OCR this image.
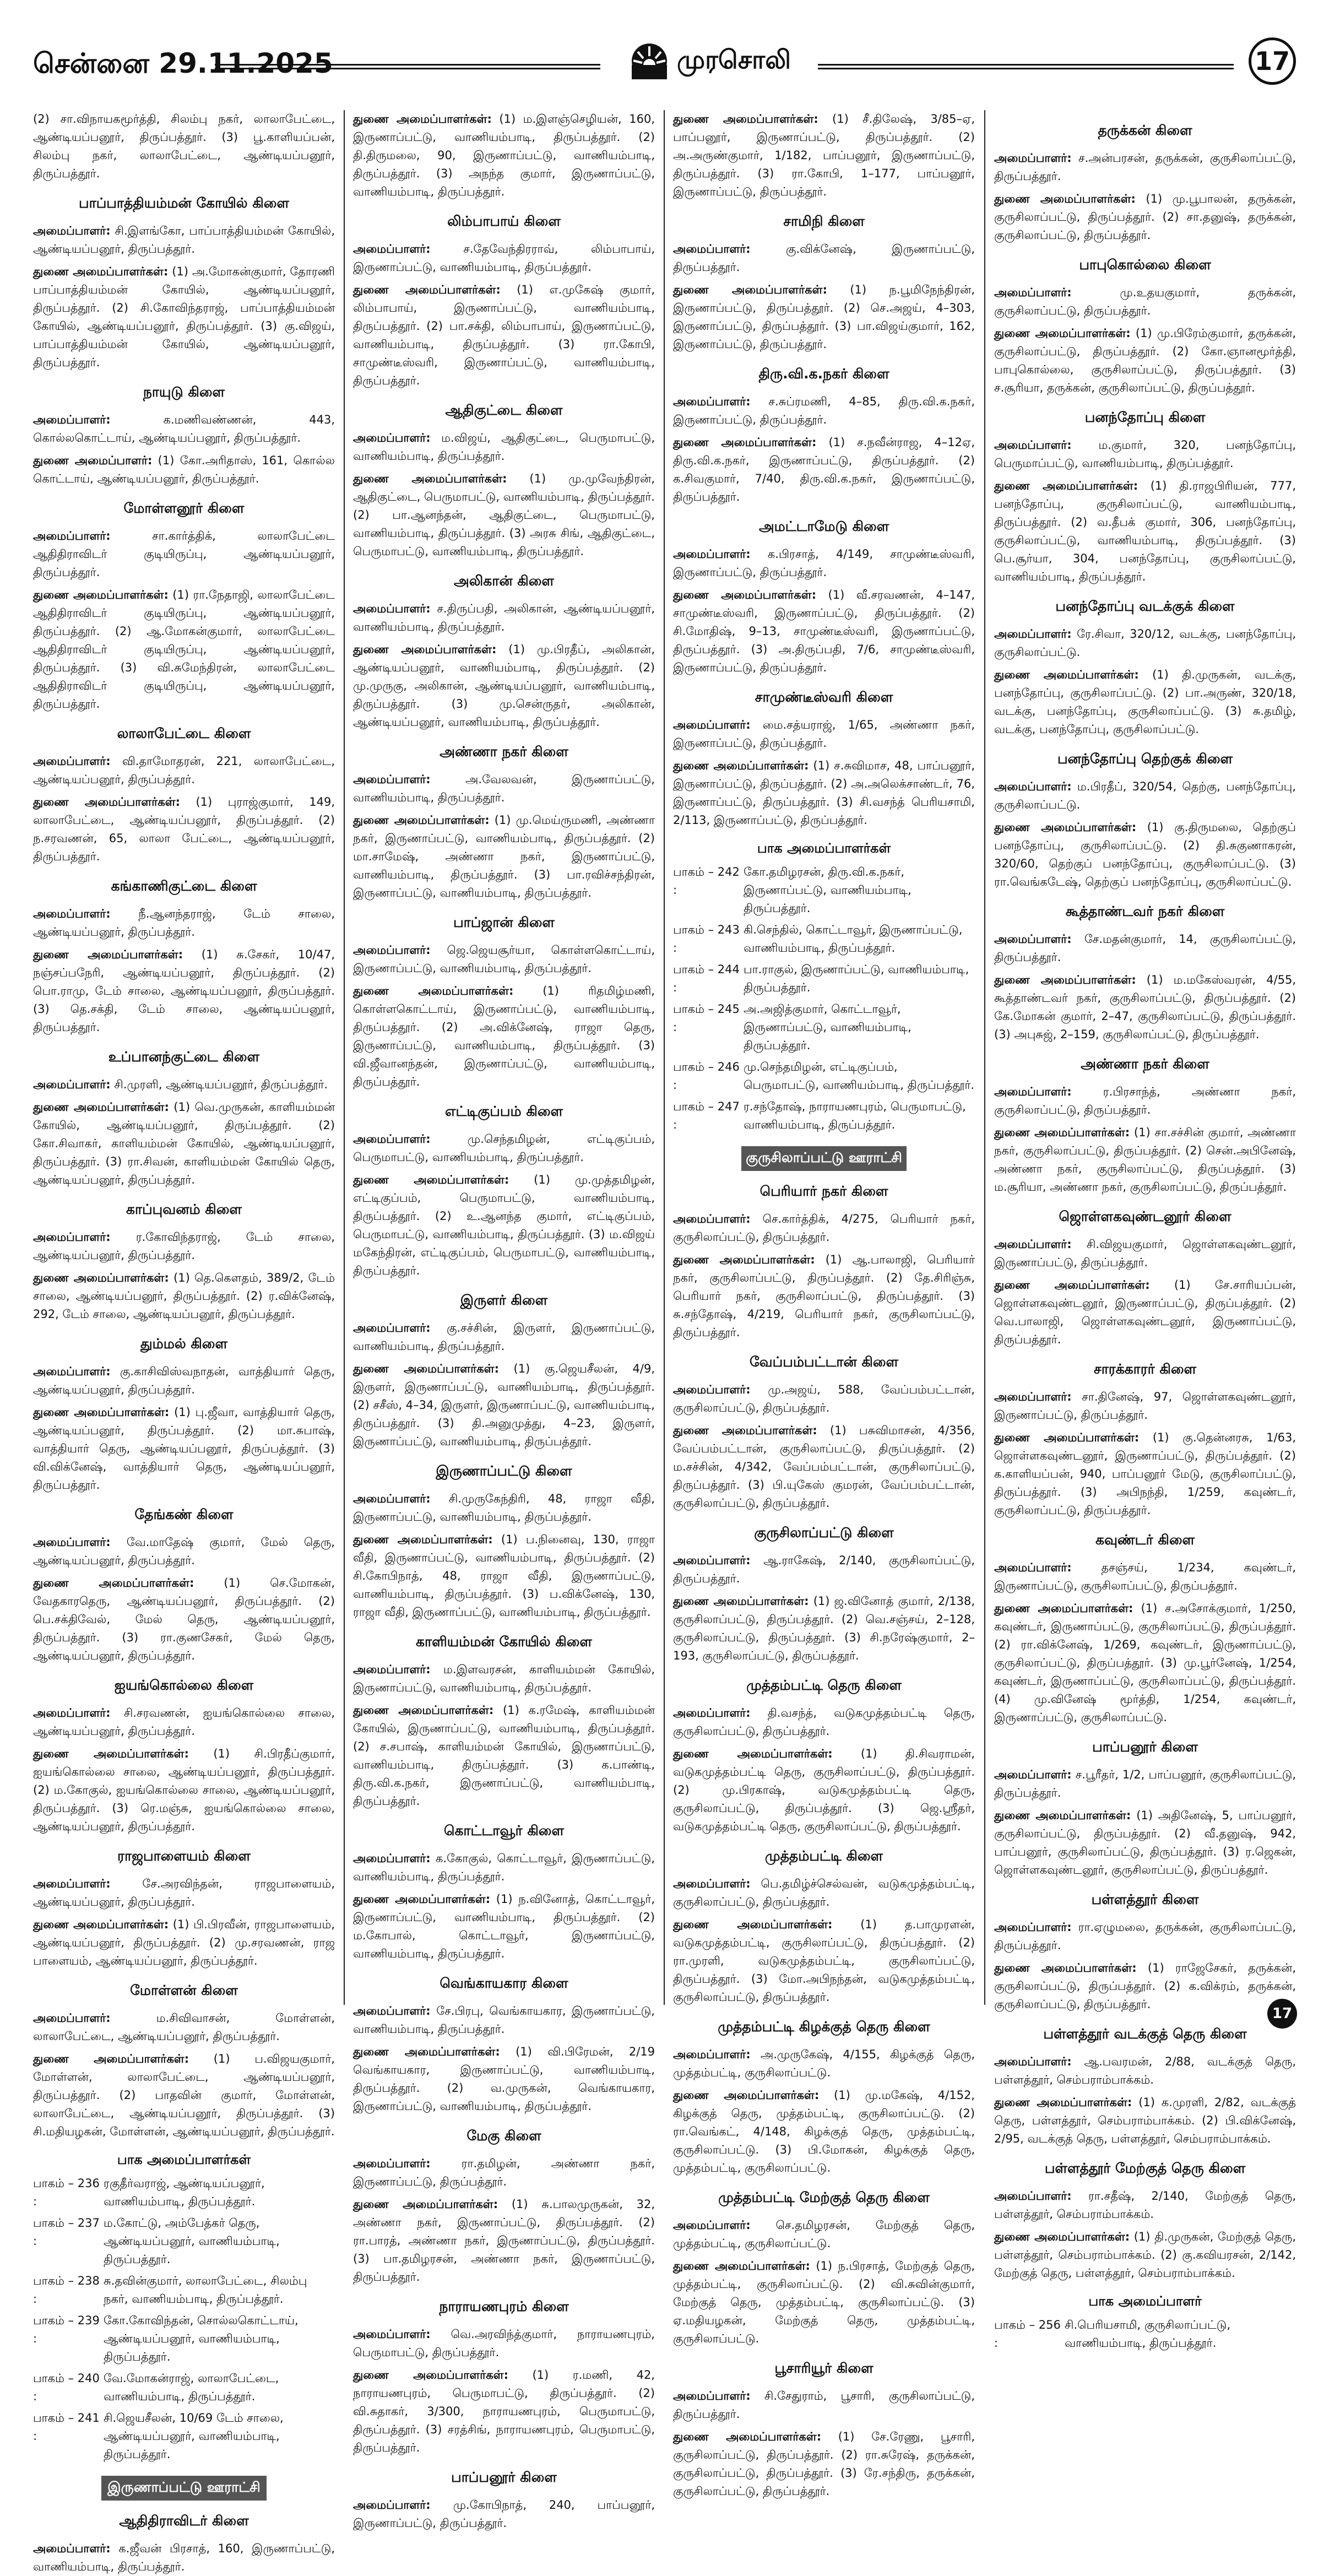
சென்னை 29.11.2025	முரசொலி	17

(2) சா.விநாயகமூர்த்தி, சிலம்பு நகர், லாலாபேட்டை, ஆண்டியப்பனூர், திருப்பத்தூர். (3) பூ.காளியப்பன், சிலம்பு நகர், லாலாபேட்டை, ஆண்டியப்பனூர், திருப்பத்தூர்.

பாப்பாத்தியம்மன் கோயில் கிளை

அமைப்பாளர்: சி.இளங்கோ, பாப்பாத்தியம்மன் கோயில், ஆண்டியப்பனூர், திருப்பத்தூர்.

துணை அமைப்பாளர்கள்: (1) அ.மோகன்குமார், தோரணி பாப்பாத்தியம்மன் கோயில், ஆண்டியப்பனூர், திருப்பத்தூர். (2) சி.கோவிந்தராஜ், பாப்பாத்தியம்மன் கோயில், ஆண்டியப்பனூர், திருப்பத்தூர். (3) கு.விஜய், பாப்பாத்தியம்மன் கோயில், ஆண்டியப்பனூர், திருப்பத்தூர்.

நாயுடு கிளை

அமைப்பாளர்: க.மணிவண்ணன், 443, கொல்லகொட்டாய், ஆண்டியப்பனூர், திருப்பத்தூர்.

துணை அமைப்பாளர்: (1) கோ.அரிதாஸ், 161, கொல்ல கொட்டாய், ஆண்டியப்பனூர், திருப்பத்தூர்.

மோள்ளனூர் கிளை

அமைப்பாளர்: சா.கார்த்திக், லாலாபேட்டை ஆதிதிராவிடர் குடியிருப்பு, ஆண்டியப்பனூர், திருப்பத்தூர்.

துணை அமைப்பாளர்கள்: (1) ரா.நேதாஜி, லாலாபேட்டை ஆதிதிராவிடர் குடியிருப்பு, ஆண்டியப்பனூர், திருப்பத்தூர். (2) ஆ.மோகன்குமார், லாலாபேட்டை ஆதிதிராவிடர் குடியிருப்பு, ஆண்டியப்பனூர், திருப்பத்தூர். (3) வி.சுமேந்திரன், லாலாபேட்டை ஆதிதிராவிடர் குடியிருப்பு, ஆண்டியப்பனூர், திருப்பத்தூர்.

லாலாபேட்டை கிளை

அமைப்பாளர்: வி.தாமோதரன், 221, லாலாபேட்டை, ஆண்டியப்பனூர், திருப்பத்தூர்.

துணை அமைப்பாளர்கள்: (1) புராஜ்குமார், 149, லாலாபேட்டை, ஆண்டியப்பனூர், திருப்பத்தூர். (2) ந.சரவணன், 65, லாலா பேட்டை, ஆண்டியப்பனூர், திருப்பத்தூர்.

கங்காணிகுட்டை கிளை

அமைப்பாளர்: நீ.ஆனந்தராஜ், டேம் சாலை, ஆண்டியப்பனூர், திருப்பத்தூர்.

துணை அமைப்பாளர்கள்: (1) சு.சேகர், 10/47, நஞ்சப்பநேரி, ஆண்டியப்பனூர், திருப்பத்தூர். (2) பொ.ராமு, டேம் சாலை, ஆண்டியப்பனூர், திருப்பத்தூர். (3) தெ.சக்தி, டேம் சாலை, ஆண்டியப்பனூர், திருப்பத்தூர்.

உப்பானந்குட்டை கிளை

அமைப்பாளர்: சி.முரளி, ஆண்டியப்பனூர், திருப்பத்தூர்.

துணை அமைப்பாளர்கள்: (1) வெ.முருகன், காளியம்மன் கோயில், ஆண்டியப்பனூர், திருப்பத்தூர். (2) கோ.சிவாகர், காளியம்மன் கோயில், ஆண்டியப்பனூர், திருப்பத்தூர். (3) ரா.சிவன், காளியம்மன் கோயில் தெரு, ஆண்டியப்பனூர், திருப்பத்தூர்.

காப்புவனம் கிளை

அமைப்பாளர்: ர.கோவிந்தராஜ், டேம் சாலை, ஆண்டியப்பனூர், திருப்பத்தூர்.

துணை அமைப்பாளர்கள்: (1) தெ.கெளதம், 389/2, டேம் சாலை, ஆண்டியப்பனூர், திருப்பத்தூர். (2) ர.விக்னேஷ், 292, டேம் சாலை, ஆண்டியப்பனூர், திருப்பத்தூர்.

தும்மல் கிளை

அமைப்பாளர்: கு.காசிவிஸ்வநாதன், வாத்தியார் தெரு, ஆண்டியப்பனூர், திருப்பத்தூர்.

துணை அமைப்பாளர்கள்: (1) பு.ஜீவா, வாத்தியார் தெரு, ஆண்டியப்பனூர், திருப்பத்தூர். (2) மா.சுபாஷ், வாத்தியார் தெரு, ஆண்டியப்பனூர், திருப்பத்தூர். (3) வி.விக்னேஷ், வாத்தியார் தெரு, ஆண்டியப்பனூர், திருப்பத்தூர்.

தேங்கண் கிளை

அமைப்பாளர்: வே.மாதேஷ் குமார், மேல் தெரு, ஆண்டியப்பனூர், திருப்பத்தூர்.

துணை அமைப்பாளர்கள்: (1) செ.மோகன், வேதகாரதெரு, ஆண்டியப்பனூர், திருப்பத்தூர். (2) பெ.சக்திவேல், மேல் தெரு, ஆண்டியப்பனூர், திருப்பத்தூர். (3) ரா.குணசேகர், மேல் தெரு, ஆண்டியப்பனூர், திருப்பத்தூர்.

ஐயங்கொல்லை கிளை

அமைப்பாளர்: சி.சரவணன், ஐயங்கொல்லை சாலை, ஆண்டியப்பனூர், திருப்பத்தூர்.

துணை அமைப்பாளர்கள்: (1) சி.பிரதீப்குமார், ஐயங்கொல்லை சாலை, ஆண்டியப்பனூர், திருப்பத்தூர். (2) ம.கோகுல், ஐயங்கொல்லை சாலை, ஆண்டியப்பனூர், திருப்பத்தூர். (3) ரெ.மஞ்சு, ஐயங்கொல்லை சாலை, ஆண்டியப்பனூர், திருப்பத்தூர்.

ராஜபாளையம் கிளை

அமைப்பாளர்: சே.அரவிந்தன், ராஜபாளையம், ஆண்டியப்பனூர், திருப்பத்தூர்.

துணை அமைப்பாளர்கள்: (1) பி.பிரவீன், ராஜபாளையம், ஆண்டியப்பனூர், திருப்பத்தூர். (2) மு.சரவணன், ராஜ பாளையம், ஆண்டியப்பனூர், திருப்பத்தூர்.

மோள்ளன் கிளை

அமைப்பாளர்: ம.சிவிவாசன், மோள்ளன், லாலாபேட்டை, ஆண்டியப்பனூர், திருப்பத்தூர்.

துணை அமைப்பாளர்கள்: (1) ப.விஜயகுமார், மோள்ளன், லாலாபேட்டை, ஆண்டியப்பனூர், திருப்பத்தூர். (2) பாதவின் குமார், மோள்ளன், லாலாபேட்டை, ஆண்டியப்பனூர், திருப்பத்தூர். (3) சி.மதியழகன், மோள்ளன், ஆண்டியப்பனூர், திருப்பத்தூர்.

பாக அமைப்பாளர்கள்
பாகம் – 236 :
ரகுதீர்வராஜ், ஆண்டியப்பனூர், வாணியம்பாடி, திருப்பத்தூர்.
பாகம் – 237 :
ம.கோட்டு, அம்பேத்கர் தெரு, ஆண்டியப்பனூர், வாணியம்பாடி, திருப்பத்தூர்.
பாகம் – 238 :
சு.தவின்குமார், லாலாபேட்டை, சிலம்பு நகர், வாணியம்பாடி, திருப்பத்தூர்.
பாகம் – 239 :
கோ.கோவிந்தன், சொல்லகொட்டாய், ஆண்டியப்பனூர், வாணியம்பாடி, திருப்பத்தூர்.
பாகம் – 240 :
வே.மோகன்ராஜ், லாலாபேட்டை, வாணியம்பாடி, திருப்பத்தூர்.
பாகம் – 241 :
சி.ஜெயசீலன், 10/69 டேம் சாலை, ஆண்டியப்பனூர், வாணியம்பாடி, திருப்பத்தூர்.
இருணாப்பட்டு ஊராட்சி
ஆதிதிராவிடர் கிளை

அமைப்பாளர்: க.ஜீவன் பிரசாத், 160, இருணாப்பட்டு, வாணியம்பாடி, திருப்பத்தூர்.

துணை அமைப்பாளர்கள்: (1) ம.இளஞ்செழியன், 160, இருணாப்பட்டு, வாணியம்பாடி, திருப்பத்தூர். (2) தி.திருமலை, 90, இருணாப்பட்டு, வாணியம்பாடி, திருப்பத்தூர். (3) அநந்த குமார், இருணாப்பட்டு, வாணியம்பாடி, திருப்பத்தூர்.

லிம்பாபாய் கிளை

அமைப்பாளர்: ச.தேவேந்திரராவ், லிம்பாபாய், இருணாப்பட்டு, வாணியம்பாடி, திருப்பத்தூர்.

துணை அமைப்பாளர்கள்: (1) எ.முகேஷ் குமார், லிம்பாபாய், இருணாப்பட்டு, வாணியம்பாடி, திருப்பத்தூர். (2) பா.சக்தி, லிம்பாபாய், இருணாப்பட்டு, வாணியம்பாடி, திருப்பத்தூர். (3) ரா.கோபி, சாமுண்டீஸ்வரி, இருணாப்பட்டு, வாணியம்பாடி, திருப்பத்தூர்.

ஆதிகுட்டை கிளை

அமைப்பாளர்: ம.விஜய், ஆதிகுட்டை, பெருமாபட்டு, வாணியம்பாடி, திருப்பத்தூர்.

துணை அமைப்பாளர்கள்: (1) மு.முவேந்திரன், ஆதிகுட்டை, பெருமாபட்டு, வாணியம்பாடி, திருப்பத்தூர். (2) பா.ஆனந்தன், ஆதிகுட்டை, பெருமாபட்டு, வாணியம்பாடி, திருப்பத்தூர். (3) அரசு சிங், ஆதிகுட்டை, பெருமாபட்டு, வாணியம்பாடி, திருப்பத்தூர்.

அலிகான் கிளை

அமைப்பாளர்: ச.திருப்பதி, அலிகான், ஆண்டியப்பனூர், வாணியம்பாடி, திருப்பத்தூர்.

துணை அமைப்பாளர்கள்: (1) மு.பிரதீப், அலிகான், ஆண்டியப்பனூர், வாணியம்பாடி, திருப்பத்தூர். (2) மு.முருகு, அலிகான், ஆண்டியப்பனூர், வாணியம்பாடி, திருப்பத்தூர். (3) மு.சென்ருதர், அலிகான், ஆண்டியப்பனூர், வாணியம்பாடி, திருப்பத்தூர்.

அண்ணா நகர் கிளை

அமைப்பாளர்: அ.வேலவன், இருணாப்பட்டு, வாணியம்பாடி, திருப்பத்தூர்.

துணை அமைப்பாளர்கள்: (1) மு.மெய்ருமணி, அண்ணா நகர், இருணாப்பட்டு, வாணியம்பாடி, திருப்பத்தூர். (2) மா.சாமேஷ், அண்ணா நகர், இருணாப்பட்டு, வாணியம்பாடி, திருப்பத்தூர். (3) பா.ரவிச்சந்திரன், இருணாப்பட்டு, வாணியம்பாடி, திருப்பத்தூர்.

பாப்ஜான் கிளை

அமைப்பாளர்: ஜெ.ஜெயசூர்யா, கொள்ளகொட்டாய், இருணாப்பட்டு, வாணியம்பாடி, திருப்பத்தூர்.

துணை அமைப்பாளர்கள்: (1) ரிதமிழ்மணி, கொள்ளகொட்டாய், இருணாப்பட்டு, வாணியம்பாடி, திருப்பத்தூர். (2) அ.விக்னேஷ், ராஜா தெரு, இருணாப்பட்டு, வாணியம்பாடி, திருப்பத்தூர். (3) வி.ஜீவானந்தன், இருணாப்பட்டு, வாணியம்பாடி, திருப்பத்தூர்.

எட்டிகுப்பம் கிளை

அமைப்பாளர்: மு.செந்தமிழன், எட்டிகுப்பம், பெருமாபட்டு, வாணியம்பாடி, திருப்பத்தூர்.

துணை அமைப்பாளர்கள்: (1) மு.முத்தமிழன், எட்டிகுப்பம், பெருமாபட்டு, வாணியம்பாடி, திருப்பத்தூர். (2) உ.ஆனந்த குமார், எட்டிகுப்பம், பெருமாபட்டு, வாணியம்பாடி, திருப்பத்தூர். (3) ம.விஜய் மகேந்திரன், எட்டிகுப்பம், பெருமாபட்டு, வாணியம்பாடி, திருப்பத்தூர்.

இருளர் கிளை

அமைப்பாளர்: கு.சச்சின், இருளர், இருணாப்பட்டு, வாணியம்பாடி, திருப்பத்தூர்.

துணை அமைப்பாளர்கள்: (1) கு.ஜெயசீலன், 4/9, இருளர், இருணாப்பட்டு, வாணியம்பாடி, திருப்பத்தூர். (2) சசீஸ், 4–34, இருளர், இருணாப்பட்டு, வாணியம்பாடி, திருப்பத்தூர். (3) தி.அனுமுத்து, 4–23, இருளர், இருணாப்பட்டு, வாணியம்பாடி, திருப்பத்தூர்.

இருணாப்பட்டு கிளை

அமைப்பாளர்: சி.முருகேந்திரி, 48, ராஜா வீதி, இருணாப்பட்டு, வாணியம்பாடி, திருப்பத்தூர்.

துணை அமைப்பாளர்கள்: (1) ப.நினைவு, 130, ராஜா வீதி, இருணாப்பட்டு, வாணியம்பாடி, திருப்பத்தூர். (2) சி.கோபிநாத், 48, ராஜா வீதி, இருணாப்பட்டு, வாணியம்பாடி, திருப்பத்தூர். (3) ப.விக்னேஷ், 130, ராஜா வீதி, இருணாப்பட்டு, வாணியம்பாடி, திருப்பத்தூர்.

காளியம்மன் கோயில் கிளை

அமைப்பாளர்: ம.இளவரசன், காளியம்மன் கோயில், இருணாப்பட்டு, வாணியம்பாடி, திருப்பத்தூர்.

துணை அமைப்பாளர்கள்: (1) க.ரமேஷ், காளியம்மன் கோயில், இருணாப்பட்டு, வாணியம்பாடி, திருப்பத்தூர். (2) ச.சபாஷ், காளியம்மன் கோயில், இருணாப்பட்டு, வாணியம்பாடி, திருப்பத்தூர். (3) க.பாண்டி, திரு.வி.க.நகர், இருணாப்பட்டு, வாணியம்பாடி, திருப்பத்தூர்.

கொட்டாவூர் கிளை

அமைப்பாளர்: க.கோகுல், கொட்டாவூர், இருணாப்பட்டு, வாணியம்பாடி, திருப்பத்தூர்.

துணை அமைப்பாளர்கள்: (1) ந.வினோத், கொட்டாவூர், இருணாப்பட்டு, வாணியம்பாடி, திருப்பத்தூர். (2) ம.கோபால், கொட்டாவூர், இருணாப்பட்டு, வாணியம்பாடி, திருப்பத்தூர்.

வெங்காயகார கிளை

அமைப்பாளர்: சே.பிரபு, வெங்காயகார, இருணாப்பட்டு, வாணியம்பாடி, திருப்பத்தூர்.

துணை அமைப்பாளர்கள்: (1) வி.பிரேமன், 2/19 வெங்காயகார, இருணாப்பட்டு, வாணியம்பாடி, திருப்பத்தூர். (2) வ.முருகன், வெங்காயகார, இருணாப்பட்டு, வாணியம்பாடி, திருப்பத்தூர்.

மேகு கிளை

அமைப்பாளர்: ரா.தமிழன், அண்ணா நகர், இருணாப்பட்டு, திருப்பத்தூர்.

துணை அமைப்பாளர்கள்: (1) சு.பாலமுருகன், 32, அண்ணா நகர், இருணாப்பட்டு, திருப்பத்தூர். (2) ரா.பாரத், அண்ணா நகர், இருணாப்பட்டு, திருப்பத்தூர். (3) பா.தமிழரசன், அண்ணா நகர், இருணாப்பட்டு, திருப்பத்தூர்.

நாராயணபுரம் கிளை

அமைப்பாளர்: வெ.அரவிந்த்குமார், நாராயணபுரம், பெருமாபட்டு, திருப்பத்தூர்.

துணை அமைப்பாளர்கள்: (1) ர.மணி, 42, நாராயணபுரம், பெருமாபட்டு, திருப்பத்தூர். (2) வி.சுதாகர், 3/300, நாராயணபுரம், பெருமாபட்டு, திருப்பத்தூர். (3) சரத்சிங், நாராயணபுரம், பெருமாபட்டு, திருப்பத்தூர்.

பாப்பனூர் கிளை

அமைப்பாளர்: மு.கோபிநாத், 240, பாப்பனூர், இருணாப்பட்டு, திருப்பத்தூர்.

துணை அமைப்பாளர்கள்: (1) சீ.திலேஷ், 3/85–ஏ, பாப்பனூர், இருணாப்பட்டு, திருப்பத்தூர். (2) அ.அருண்குமார், 1/182, பாப்பனூர், இருணாப்பட்டு, திருப்பத்தூர். (3) ரா.கோபி, 1–177, பாப்பனூர், இருணாப்பட்டு, திருப்பத்தூர்.

சாமிநி கிளை

அமைப்பாளர்: கு.விக்னேஷ், இருணாப்பட்டு, திருப்பத்தூர்.

துணை அமைப்பாளர்கள்: (1) ந.பூமிநேந்திரன், இருணாப்பட்டு, திருப்பத்தூர். (2) செ.அஜய், 4–303, இருணாப்பட்டு, திருப்பத்தூர். (3) பா.விஜய்குமார், 162, இருணாப்பட்டு, திருப்பத்தூர்.

திரு.வி.க.நகர் கிளை

அமைப்பாளர்: ச.சுப்ரமணி, 4–85, திரு.வி.க.நகர், இருணாப்பட்டு, திருப்பத்தூர்.

துணை அமைப்பாளர்கள்: (1) ச.நவீன்ராஜ, 4–12ஏ, திரு.வி.க.நகர், இருணாப்பட்டு, திருப்பத்தூர். (2) க.சிவகுமார், 7/40, திரு.வி.க.நகர், இருணாப்பட்டு, திருப்பத்தூர்.

அமட்டாமேடு கிளை

அமைப்பாளர்: க.பிரசாத், 4/149, சாமுண்டீஸ்வரி, இருணாப்பட்டு, திருப்பத்தூர்.

துணை அமைப்பாளர்கள்: (1) வீ.சரவணன், 4–147, சாமுண்டீஸ்வரி, இருணாப்பட்டு, திருப்பத்தூர். (2) சி.மோதிஷ், 9–13, சாமுண்டீஸ்வரி, இருணாப்பட்டு, திருப்பத்தூர். (3) அ.திருப்பதி, 7/6, சாமுண்டீஸ்வரி, இருணாப்பட்டு, திருப்பத்தூர்.

சாமுண்டீஸ்வரி கிளை

அமைப்பாளர்: மை.சத்யராஜ், 1/65, அண்ணா நகர், இருணாப்பட்டு, திருப்பத்தூர்.

துணை அமைப்பாளர்கள்: (1) ச.சுவிமாச, 48, பாப்பனூர், இருணாப்பட்டு, திருப்பத்தூர். (2) அ.அலெக்சாண்டர், 76, இருணாப்பட்டு, திருப்பத்தூர். (3) சி.வசந்த் பெரியசாமி, 2/113, இருணாப்பட்டு, திருப்பத்தூர்.

பாக அமைப்பாளர்கள்
பாகம் – 242 :
கோ.தமிழரசன், திரு.வி.க.நகர், இருணாப்பட்டு, வாணியம்பாடி, திருப்பத்தூர்.
பாகம் – 243 :
கி.செந்தில், கொட்டாவூர், இருணாப்பட்டு, வாணியம்பாடி, திருப்பத்தூர்.
பாகம் – 244 :
பா.ராகுல், இருணாப்பட்டு, வாணியம்பாடி, திருப்பத்தூர்.
பாகம் – 245 :
அ.அஜித்குமார், கொட்டாவூர், இருணாப்பட்டு, வாணியம்பாடி, திருப்பத்தூர்.
பாகம் – 246 :
மு.செந்தமிழன், எட்டிகுப்பம், பெருமாபட்டு, வாணியம்பாடி, திருப்பத்தூர்.
பாகம் – 247 :
ர.சந்தோஷ், நாராயணபுரம், பெருமாபட்டு, வாணியம்பாடி, திருப்பத்தூர்.
குருசிலாப்பட்டு ஊராட்சி
பெரியார் நகர் கிளை

அமைப்பாளர்: செ.கார்த்திக், 4/275, பெரியார் நகர், குருசிலாப்பட்டு, திருப்பத்தூர்.

துணை அமைப்பாளர்கள்: (1) ஆ.பாலாஜி, பெரியார் நகர், குருசிலாப்பட்டு, திருப்பத்தூர். (2) தே.சிரிஞ்சு, பெரியார் நகர், குருசிலாப்பட்டு, திருப்பத்தூர். (3) சு.சந்தோஷ், 4/219, பெரியார் நகர், குருசிலாப்பட்டு, திருப்பத்தூர்.

வேப்பம்பட்டான் கிளை

அமைப்பாளர்: மு.அஜய், 588, வேப்பம்பட்டான், குருசிலாப்பட்டு, திருப்பத்தூர்.

துணை அமைப்பாளர்கள்: (1) பசுவிமாசன், 4/356, வேப்பம்பட்டான், குருசிலாப்பட்டு, திருப்பத்தூர். (2) ம.சச்சின், 4/342, வேப்பம்பட்டான், குருசிலாப்பட்டு, திருப்பத்தூர். (3) பி.யுகேஸ் குமரன், வேப்பம்பட்டான், குருசிலாப்பட்டு, திருப்பத்தூர்.

குருசிலாப்பட்டு கிளை

அமைப்பாளர்: ஆ.ராகேஷ், 2/140, குருசிலாப்பட்டு, திருப்பத்தூர்.

துணை அமைப்பாளர்கள்: (1) ஜ.வினோத் குமார், 2/138, குருசிலாப்பட்டு, திருப்பத்தூர். (2) வெ.சஞ்சய், 2–128, குருசிலாப்பட்டு, திருப்பத்தூர். (3) சி.நரேஷ்குமார், 2–193, குருசிலாப்பட்டு, திருப்பத்தூர்.

முத்தம்பட்டி தெரு கிளை

அமைப்பாளர்: தி.வசந்த், வடுகமுத்தம்பட்டி தெரு, குருசிலாப்பட்டு, திருப்பத்தூர்.

துணை அமைப்பாளர்கள்: (1) தி.சிவராமன், வடுகமுத்தம்பட்டி தெரு, குருசிலாப்பட்டு, திருப்பத்தூர். (2) மு.பிரகாஷ், வடுகமுத்தம்பட்டி தெரு, குருசிலாப்பட்டு, திருப்பத்தூர். (3) ஜெ.ஸ்ரீதர், வடுகமுத்தம்பட்டி தெரு, குருசிலாப்பட்டு, திருப்பத்தூர்.

முத்தம்பட்டி கிளை

அமைப்பாளர்: பெ.தமிழ்ச்செல்வன், வடுகமுத்தம்பட்டி, குருசிலாப்பட்டு, திருப்பத்தூர்.

துணை அமைப்பாளர்கள்: (1) த.பாமுரளன், வடுகமுத்தம்பட்டி, குருசிலாப்பட்டு, திருப்பத்தூர். (2) ரா.முரளி, வடுகமுத்தம்பட்டி, குருசிலாப்பட்டு, திருப்பத்தூர். (3) மோ.அபிநந்தன், வடுகமுத்தம்பட்டி, குருசிலாப்பட்டு, திருப்பத்தூர்.

முத்தம்பட்டி கிழக்குத் தெரு கிளை

அமைப்பாளர்: அ.முருகேஷ், 4/155, கிழக்குத் தெரு, முத்தம்பட்டி, குருசிலாப்பட்டு.

துணை அமைப்பாளர்கள்: (1) மு.மகேஷ், 4/152, கிழக்குத் தெரு, முத்தம்பட்டி, குருசிலாப்பட்டு. (2) ரா.வெங்கட், 4/148, கிழக்குத் தெரு, முத்தம்பட்டி, குருசிலாப்பட்டு. (3) பி.மோகன், கிழக்குத் தெரு, முத்தம்பட்டி, குருசிலாப்பட்டு.

முத்தம்பட்டி மேற்குத் தெரு கிளை

அமைப்பாளர்: செ.தமிழரசன், மேற்குத் தெரு, முத்தம்பட்டி, குருசிலாப்பட்டு.

துணை அமைப்பாளர்கள்: (1) ந.பிரசாத், மேற்குத் தெரு, முத்தம்பட்டி, குருசிலாப்பட்டு. (2) வி.சுவின்குமார், மேற்குத் தெரு, முத்தம்பட்டி, குருசிலாப்பட்டு. (3) ஏ.மதியழகன், மேற்குத் தெரு, முத்தம்பட்டி, குருசிலாப்பட்டு.

பூசாரியூர் கிளை

அமைப்பாளர்: சி.சேதுராம், பூசாரி, குருசிலாப்பட்டு, திருப்பத்தூர்.

துணை அமைப்பாளர்கள்: (1) சே.ரேணு, பூசாரி, குருசிலாப்பட்டு, திருப்பத்தூர். (2) ரா.சுரேஷ், தருக்கன், குருசிலாப்பட்டு, திருப்பத்தூர். (3) ரே.சந்திரு, தருக்கன், குருசிலாப்பட்டு, திருப்பத்தூர்.

தருக்கன் கிளை

அமைப்பாளர்: ச.அன்பரசன், தருக்கன், குருசிலாப்பட்டு, திருப்பத்தூர்.

துணை அமைப்பாளர்கள்: (1) மு.பூபாலன், தருக்கன், குருசிலாப்பட்டு, திருப்பத்தூர். (2) சா.தனுஷ், தருக்கன், குருசிலாப்பட்டு, திருப்பத்தூர்.

பாபுகொல்லை கிளை

அமைப்பாளர்: மு.உதயகுமார், தருக்கன், குருசிலாப்பட்டு, திருப்பத்தூர்.

துணை அமைப்பாளர்கள்: (1) மு.பிரேம்குமார், தருக்கன், குருசிலாப்பட்டு, திருப்பத்தூர். (2) கோ.ஞானமூர்த்தி, பாபுகொல்லை, குருசிலாப்பட்டு, திருப்பத்தூர். (3) ச.சூரியா, தருக்கன், குருசிலாப்பட்டு, திருப்பத்தூர்.

பனந்தோப்பு கிளை

அமைப்பாளர்: ம.குமார், 320, பனந்தோப்பு, பெருமாப்பட்டு, வாணியம்பாடி, திருப்பத்தூர்.

துணை அமைப்பாளர்கள்: (1) தி.ராஜபிரியன், 777, பனந்தோப்பு, குருசிலாப்பட்டு, வாணியம்பாடி, திருப்பத்தூர். (2) வ.தீபக் குமார், 306, பனந்தோப்பு, குருசிலாப்பட்டு, வாணியம்பாடி, திருப்பத்தூர். (3) பெ.சூர்யா, 304, பனந்தோப்பு, குருசிலாப்பட்டு, வாணியம்பாடி, திருப்பத்தூர்.

பனந்தோப்பு வடக்குக் கிளை

அமைப்பாளர்: ரே.சிவா, 320/12, வடக்கு, பனந்தோப்பு, குருசிலாப்பட்டு.

துணை அமைப்பாளர்கள்: (1) தி.முருகன், வடக்கு, பனந்தோப்பு, குருசிலாப்பட்டு. (2) பா.அருண், 320/18, வடக்கு, பனந்தோப்பு, குருசிலாப்பட்டு. (3) சு.தமிழ், வடக்கு, பனந்தோப்பு, குருசிலாப்பட்டு.

பனந்தோப்பு தெற்குக் கிளை

அமைப்பாளர்: ம.பிரதீப், 320/54, தெற்கு, பனந்தோப்பு, குருசிலாப்பட்டு.

துணை அமைப்பாளர்கள்: (1) கு.திருமலை, தெற்குப் பனந்தோப்பு, குருசிலாப்பட்டு. (2) தி.சுகுணாகரன், 320/60, தெற்குப் பனந்தோப்பு, குருசிலாப்பட்டு. (3) ரா.வெங்கடேஷ், தெற்குப் பனந்தோப்பு, குருசிலாப்பட்டு.

கூத்தாண்டவர் நகர் கிளை

அமைப்பாளர்: சே.மதன்குமார், 14, குருசிலாப்பட்டு, திருப்பத்தூர்.

துணை அமைப்பாளர்கள்: (1) ம.மகேஸ்வரன், 4/55, கூத்தாண்டவர் நகர், குருசிலாப்பட்டு, திருப்பத்தூர். (2) கே.மோகன் குமார், 2–47, குருசிலாப்பட்டு, திருப்பத்தூர். (3) அபுசுஜ், 2–159, குருசிலாப்பட்டு, திருப்பத்தூர்.

அண்ணா நகர் கிளை

அமைப்பாளர்: ர.பிரசாந்த், அண்ணா நகர், குருசிலாப்பட்டு, திருப்பத்தூர்.

துணை அமைப்பாளர்கள்: (1) சா.சச்சின் குமார், அண்ணா நகர், குருசிலாப்பட்டு, திருப்பத்தூர். (2) சென்.அபினேஷ், அண்ணா நகர், குருசிலாப்பட்டு, திருப்பத்தூர். (3) ம.சூரியா, அண்ணா நகர், குருசிலாப்பட்டு, திருப்பத்தூர்.

ஜொள்ளகவுண்டனூர் கிளை

அமைப்பாளர்: சி.விஜயகுமார், ஜொள்ளகவுண்டனூர், இருணாப்பட்டு, திருப்பத்தூர்.

துணை அமைப்பாளர்கள்: (1) சே.சாரியப்பன், ஜொள்ளகவுண்டனூர், இருணாப்பட்டு, திருப்பத்தூர். (2) வெ.பாலாஜி, ஜொள்ளகவுண்டனூர், இருணாப்பட்டு, திருப்பத்தூர்.

சாரக்காரர் கிளை

அமைப்பாளர்: சா.தினேஷ், 97, ஜொள்ளகவுண்டனூர், இருணாப்பட்டு, திருப்பத்தூர்.

துணை அமைப்பாளர்கள்: (1) கு.தென்னரசு, 1/63, ஜொள்ளகவுண்டனூர், இருணாப்பட்டு, திருப்பத்தூர். (2) க.காளியப்பன், 940, பாப்பனூர் மேடு, குருசிலாப்பட்டு, திருப்பத்தூர். (3) அபிநந்தி, 1/259, கவுண்டர், குருசிலாப்பட்டு, திருப்பத்தூர்.

கவுண்டர் கிளை

அமைப்பாளர்: தசஞ்சய், 1/234, கவுண்டர், இருணாப்பட்டு, குருசிலாப்பட்டு, திருப்பத்தூர்.

துணை அமைப்பாளர்கள்: (1) ச.அசோக்குமார், 1/250, கவுண்டர், இருணாப்பட்டு, குருசிலாப்பட்டு, திருப்பத்தூர். (2) ரா.விக்னேஷ், 1/269, கவுண்டர், இருணாப்பட்டு, குருசிலாப்பட்டு, திருப்பத்தூர். (3) மு.பூர்னேஷ், 1/254, கவுண்டர், இருணாப்பட்டு, குருசிலாப்பட்டு, திருப்பத்தூர். (4) மு.வினேஷ் மூர்த்தி, 1/254, கவுண்டர், இருணாப்பட்டு, குருசிலாப்பட்டு.

பாப்பனூர் கிளை

அமைப்பாளர்: ச.பூரீதர், 1/2, பாப்பனூர், குருசிலாப்பட்டு, திருப்பத்தூர்.

துணை அமைப்பாளர்கள்: (1) அதினேஷ், 5, பாப்பனூர், குருசிலாப்பட்டு, திருப்பத்தூர். (2) வீ.தனுஷ், 942, பாப்பனூர், குருசிலாப்பட்டு, திருப்பத்தூர். (3) ர.ஜெகன், ஜொள்ளகவுண்டனூர், குருசிலாப்பட்டு, திருப்பத்தூர்.

பள்ளத்தூர் கிளை

அமைப்பாளர்: ரா.ஏழுமலை, தருக்கன், குருசிலாப்பட்டு, திருப்பத்தூர்.

துணை அமைப்பாளர்கள்: (1) ராஜேசேகர், தருக்கன், குருசிலாப்பட்டு, திருப்பத்தூர். (2) க.விக்ரம், தருக்கன், குருசிலாப்பட்டு, திருப்பத்தூர்.

பள்ளத்தூர் வடக்குத் தெரு கிளை

அமைப்பாளர்: ஆ.பவரமன், 2/88, வடக்குத் தெரு, பள்ளத்தூர், செம்பராம்பாக்கம்.

துணை அமைப்பாளர்கள்: (1) க.முரளி, 2/82, வடக்குத் தெரு, பள்ளத்தூர், செம்பராம்பாக்கம். (2) பி.விக்னேஷ், 2/95, வடக்குத் தெரு, பள்ளத்தூர், செம்பராம்பாக்கம்.

பள்ளத்தூர் மேற்குத் தெரு கிளை

அமைப்பாளர்: ரா.சதீஷ், 2/140, மேற்குத் தெரு, பள்ளத்தூர், செம்பராம்பாக்கம்.

துணை அமைப்பாளர்கள்: (1) தி.முருகன், மேற்குத் தெரு, பள்ளத்தூர், செம்பராம்பாக்கம். (2) கு.கவியரசன், 2/142, மேற்குத் தெரு, பள்ளத்தூர், செம்பராம்பாக்கம்.

பாக அமைப்பாளர்
பாகம் – 256 :
சி.பெரியசாமி, குருசிலாப்பட்டு, வாணியம்பாடி, திருப்பத்தூர்.
17
